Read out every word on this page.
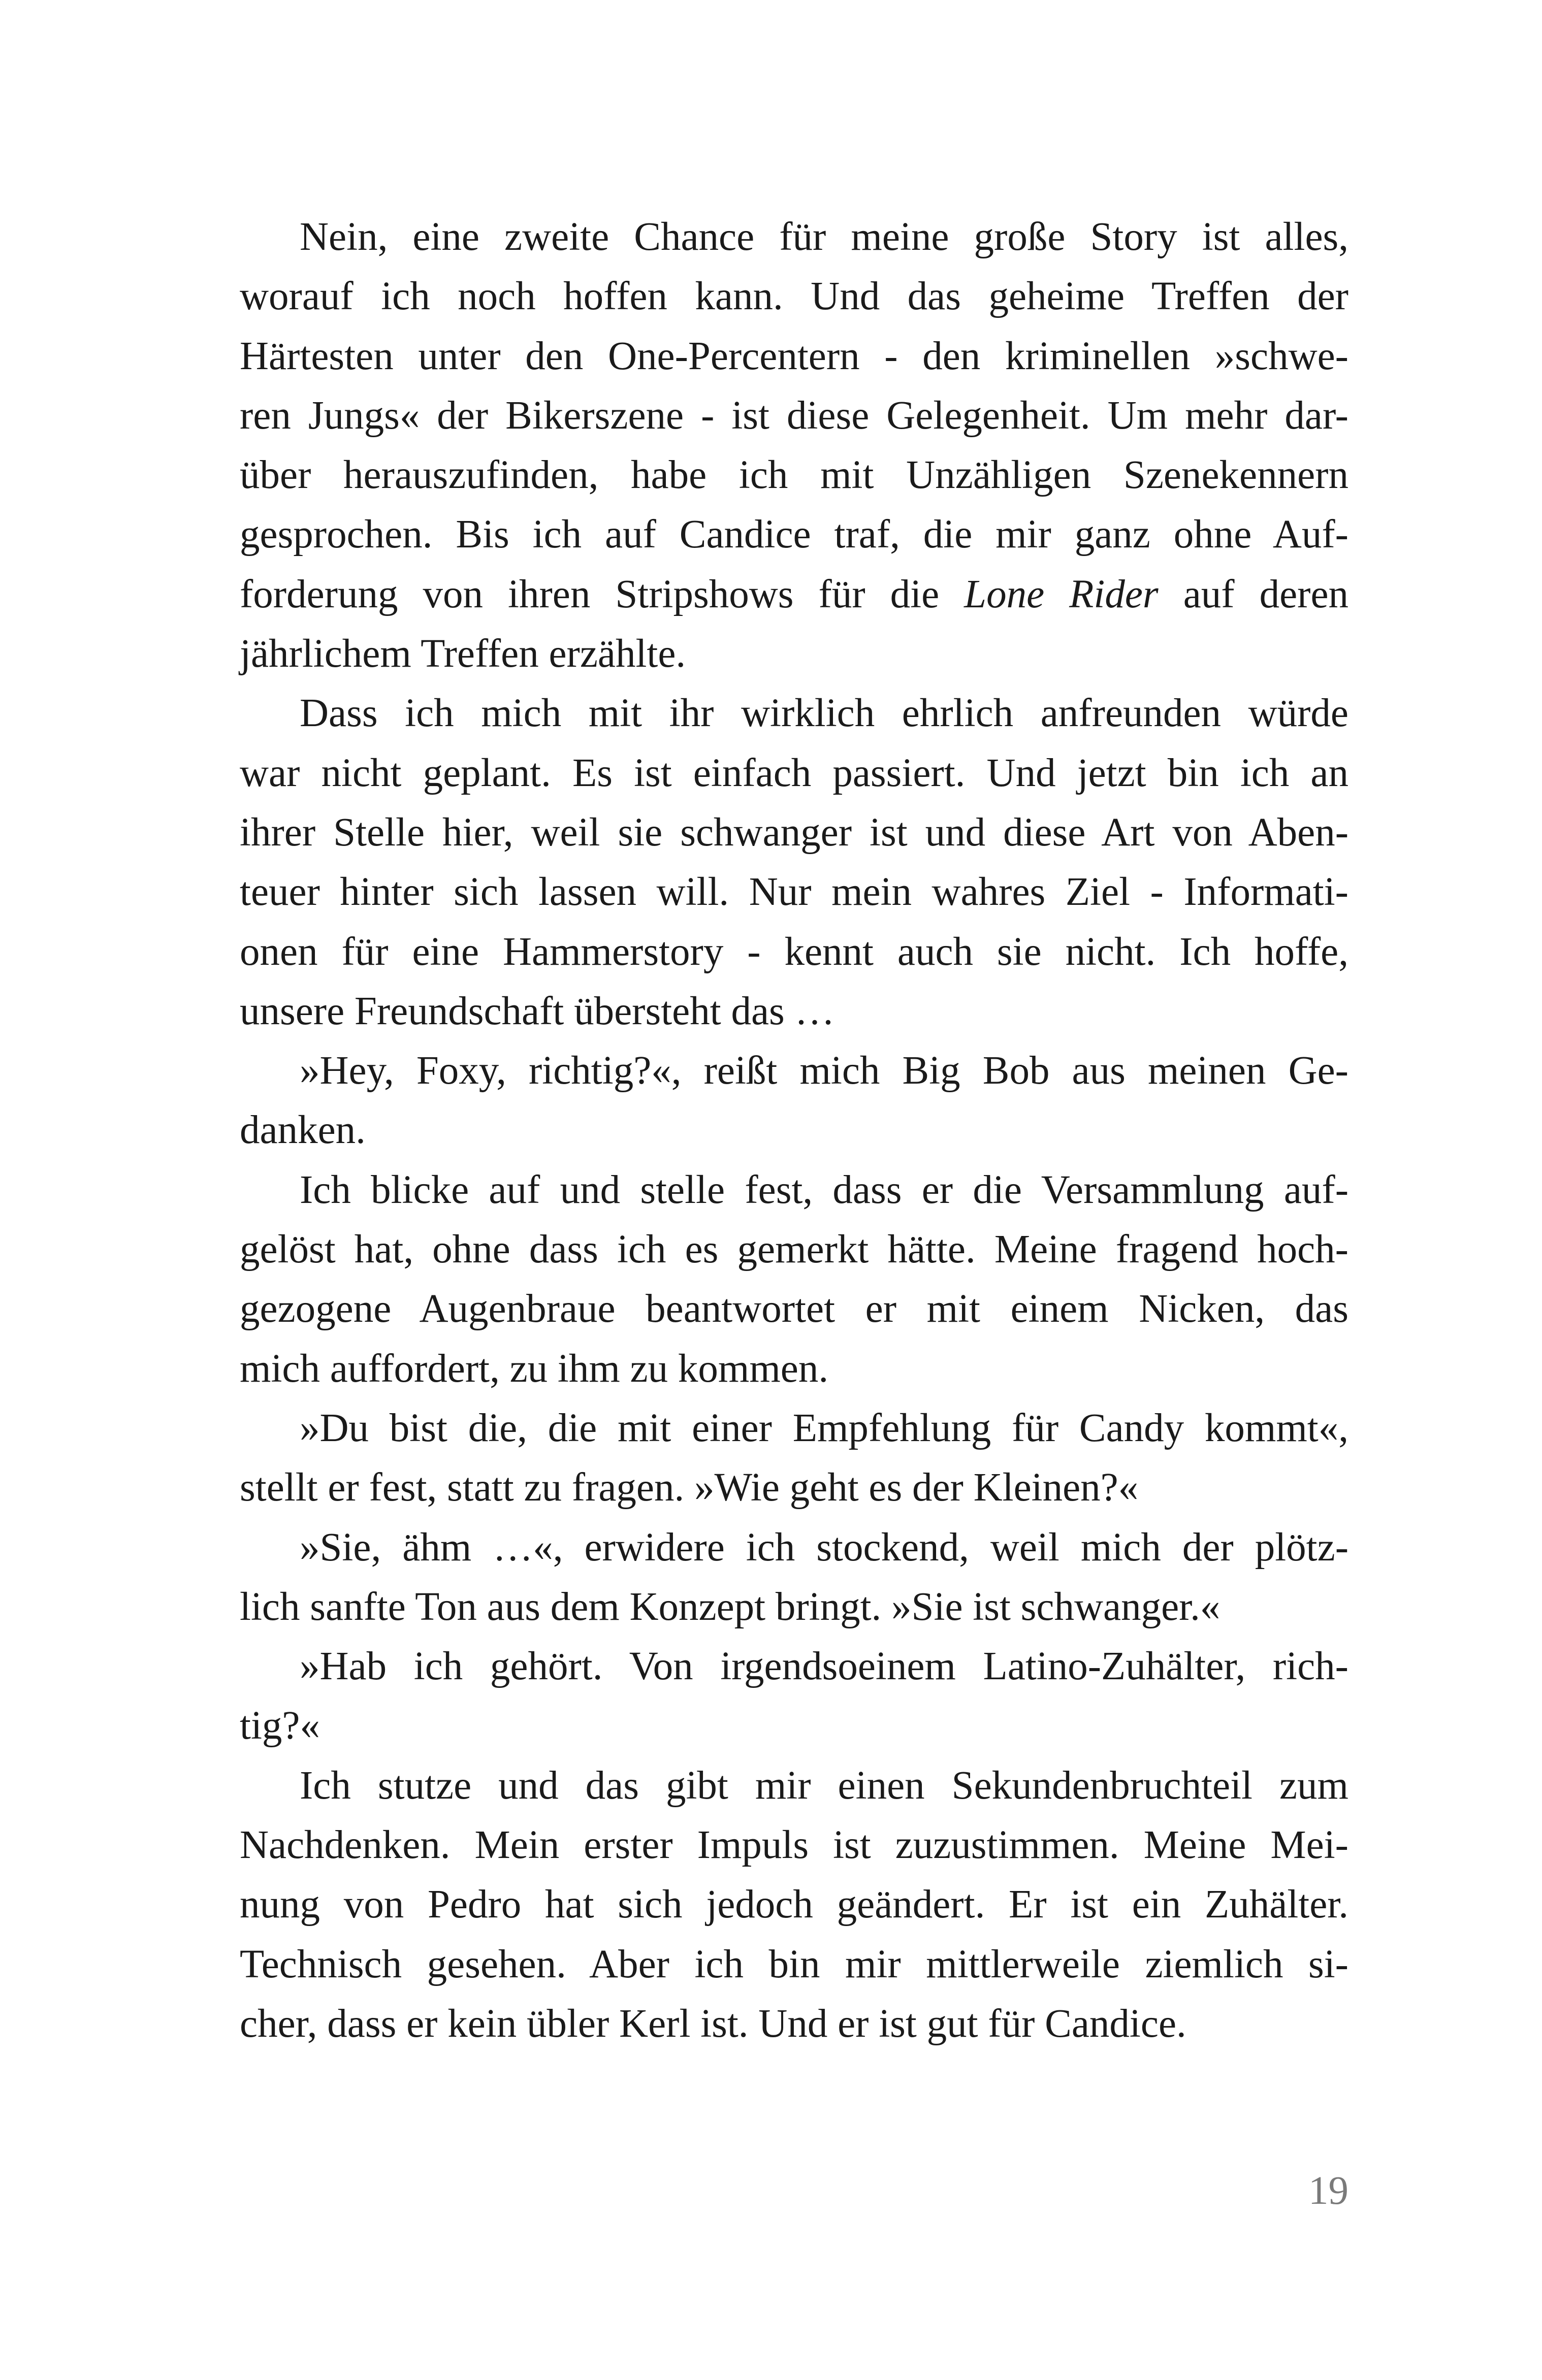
Nein, eine zweite Chance für meine große Story ist alles,
worauf ich noch hoffen kann. Und das geheime Treffen der
Härtesten unter den One-Percentern - den kriminellen »schwe-
ren Jungs« der Bikerszene - ist diese Gelegenheit. Um mehr dar-
über herauszufinden, habe ich mit Unzähligen Szenekennern
gesprochen. Bis ich auf Candice traf, die mir ganz ohne Auf-
forderung von ihren Stripshows für die Lone Rider auf deren
jährlichem Treffen erzählte.
Dass ich mich mit ihr wirklich ehrlich anfreunden würde
war nicht geplant. Es ist einfach passiert. Und jetzt bin ich an
ihrer Stelle hier, weil sie schwanger ist und diese Art von Aben-
teuer hinter sich lassen will. Nur mein wahres Ziel - Informati-
onen für eine Hammerstory - kennt auch sie nicht. Ich hoffe,
unsere Freundschaft übersteht das …
»Hey, Foxy, richtig?«, reißt mich Big Bob aus meinen Ge-
danken.
Ich blicke auf und stelle fest, dass er die Versammlung auf-
gelöst hat, ohne dass ich es gemerkt hätte. Meine fragend hoch-
gezogene Augenbraue beantwortet er mit einem Nicken, das
mich auffordert, zu ihm zu kommen.
»Du bist die, die mit einer Empfehlung für Candy kommt«,
stellt er fest, statt zu fragen. »Wie geht es der Kleinen?«
»Sie, ähm …«, erwidere ich stockend, weil mich der plötz-
lich sanfte Ton aus dem Konzept bringt. »Sie ist schwanger.«
»Hab ich gehört. Von irgendsoeinem Latino-Zuhälter, rich-
tig?«
Ich stutze und das gibt mir einen Sekundenbruchteil zum
Nachdenken. Mein erster Impuls ist zuzustimmen. Meine Mei-
nung von Pedro hat sich jedoch geändert. Er ist ein Zuhälter.
Technisch gesehen. Aber ich bin mir mittlerweile ziemlich si-
cher, dass er kein übler Kerl ist. Und er ist gut für Candice.
19
